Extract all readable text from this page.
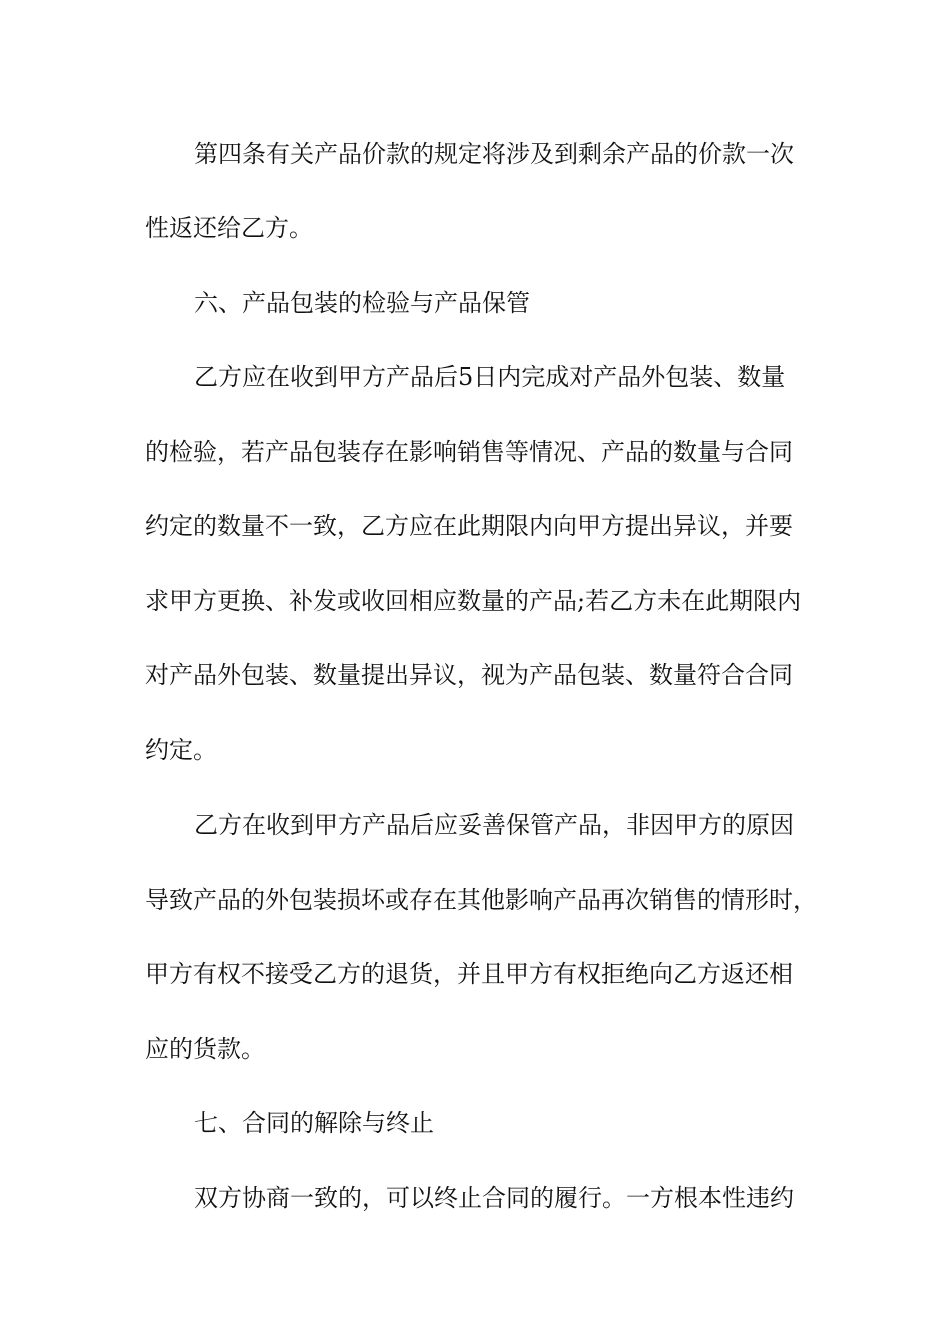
第四条有关产品价款的规定将涉及到剩余产品的价款一次
性返还给乙方。
六、产品包装的检验与产品保管
乙方应在收到甲方产品后5日内完成对产品外包装、数量
的检验，若产品包装存在影响销售等情况、产品的数量与合同
约定的数量不一致，乙方应在此期限内向甲方提出异议，并要
求甲方更换、补发或收回相应数量的产品;若乙方未在此期限内
对产品外包装、数量提出异议，视为产品包装、数量符合合同
约定。
乙方在收到甲方产品后应妥善保管产品，非因甲方的原因
导致产品的外包装损坏或存在其他影响产品再次销售的情形时，
甲方有权不接受乙方的退货，并且甲方有权拒绝向乙方返还相
应的货款。
七、合同的解除与终止
双方协商一致的，可以终止合同的履行。一方根本性违约
